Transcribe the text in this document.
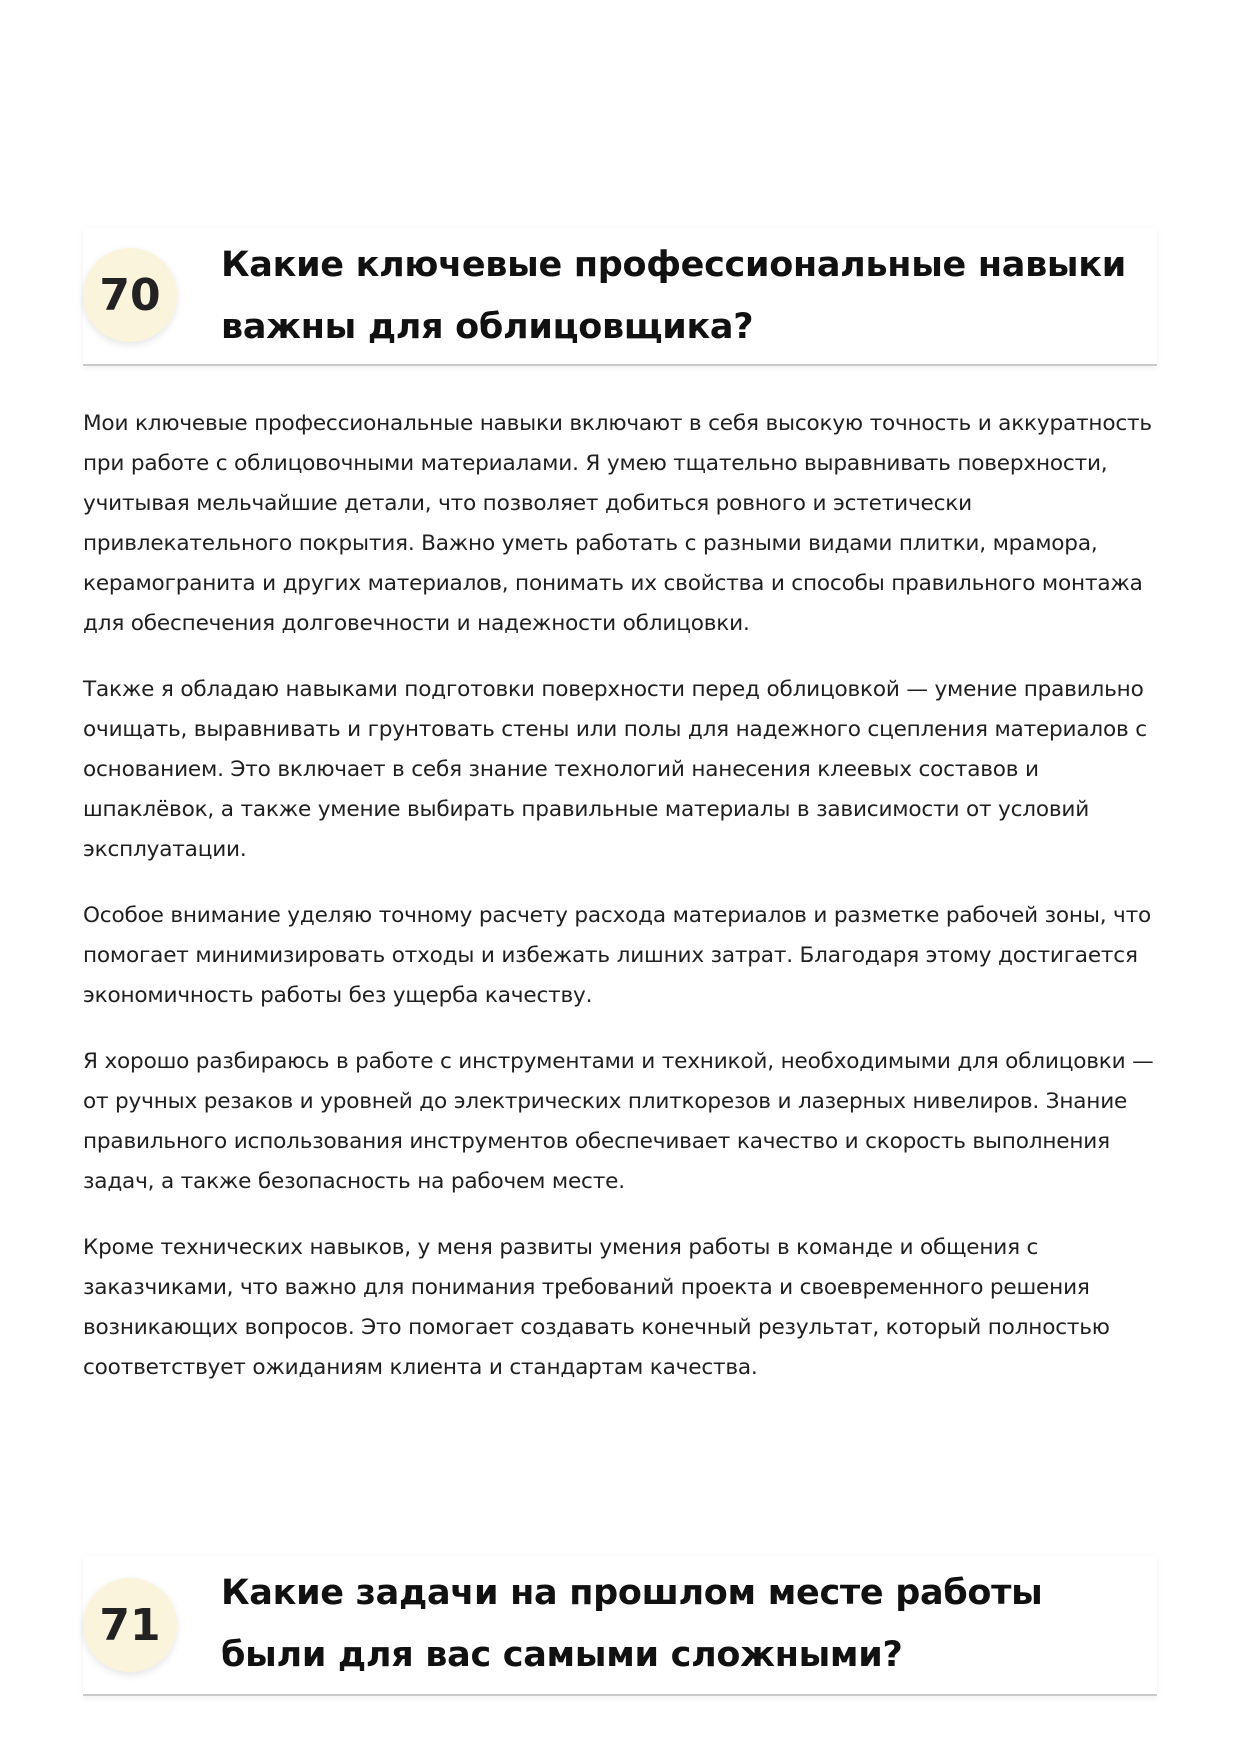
70
Какие ключевые профессиональные навыки важны для облицовщика?

Мои ключевые профессиональные навыки включают в себя высокую точность и аккуратность при работе с облицовочными материалами. Я умею тщательно выравнивать поверхности, учитывая мельчайшие детали, что позволяет добиться ровного и эстетически привлекательного покрытия. Важно уметь работать с разными видами плитки, мрамора, керамогранита и других материалов, понимать их свойства и способы правильного монтажа для обеспечения долговечности и надежности облицовки.

Также я обладаю навыками подготовки поверхности перед облицовкой — умение правильно очищать, выравнивать и грунтовать стены или полы для надежного сцепления материалов с основанием. Это включает в себя знание технологий нанесения клеевых составов и шпаклёвок, а также умение выбирать правильные материалы в зависимости от условий эксплуатации.

Особое внимание уделяю точному расчету расхода материалов и разметке рабочей зоны, что помогает минимизировать отходы и избежать лишних затрат. Благодаря этому достигается экономичность работы без ущерба качеству.

Я хорошо разбираюсь в работе с инструментами и техникой, необходимыми для облицовки — от ручных резаков и уровней до электрических плиткорезов и лазерных нивелиров. Знание правильного использования инструментов обеспечивает качество и скорость выполнения задач, а также безопасность на рабочем месте.

Кроме технических навыков, у меня развиты умения работы в команде и общения с заказчиками, что важно для понимания требований проекта и своевременного решения возникающих вопросов. Это помогает создавать конечный результат, который полностью соответствует ожиданиям клиента и стандартам качества.

71
Какие задачи на прошлом месте работы были для вас самыми сложными?
